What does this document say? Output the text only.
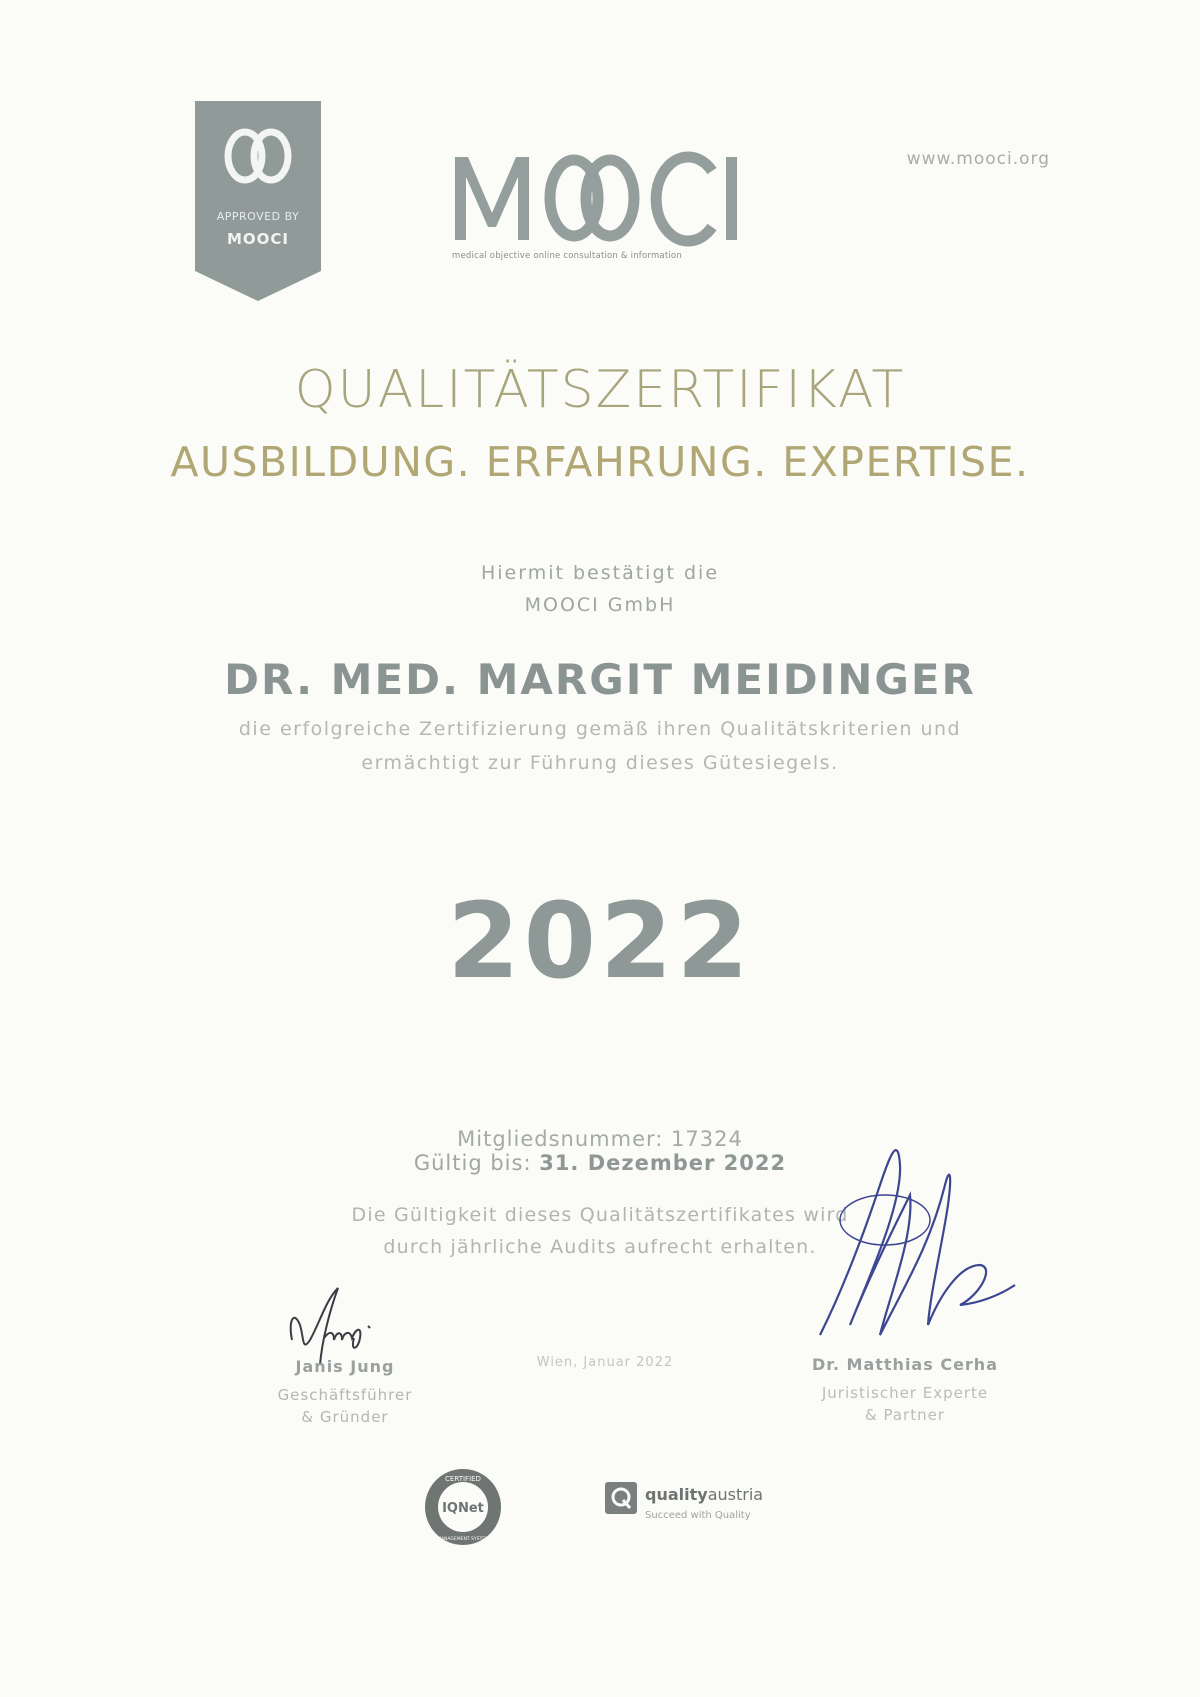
APPROVED BY
MOOCI
medical objective online consultation & information
www.mooci.org
QUALITÄTSZERTIFIKAT
AUSBILDUNG. ERFAHRUNG. EXPERTISE.
Hiermit bestätigt die
MOOCI GmbH
DR. MED. MARGIT MEIDINGER
die erfolgreiche Zertifizierung gemäß ihren Qualitätskriterien und
ermächtigt zur Führung dieses Gütesiegels.
2022
Mitgliedsnummer: 17324
Gültig bis: 31. Dezember 2022
Die Gültigkeit dieses Qualitätszertifikates wird
durch jährliche Audits aufrecht erhalten.
Janis Jung
Geschäftsführer
& Gründer
Wien, Januar 2022	Dr. Matthias Cerha
Juristischer Experte
& Partner
CERTIFIED
IQNet
MANAGEMENT SYSTEM
qualityaustria
Succeed with Quality
